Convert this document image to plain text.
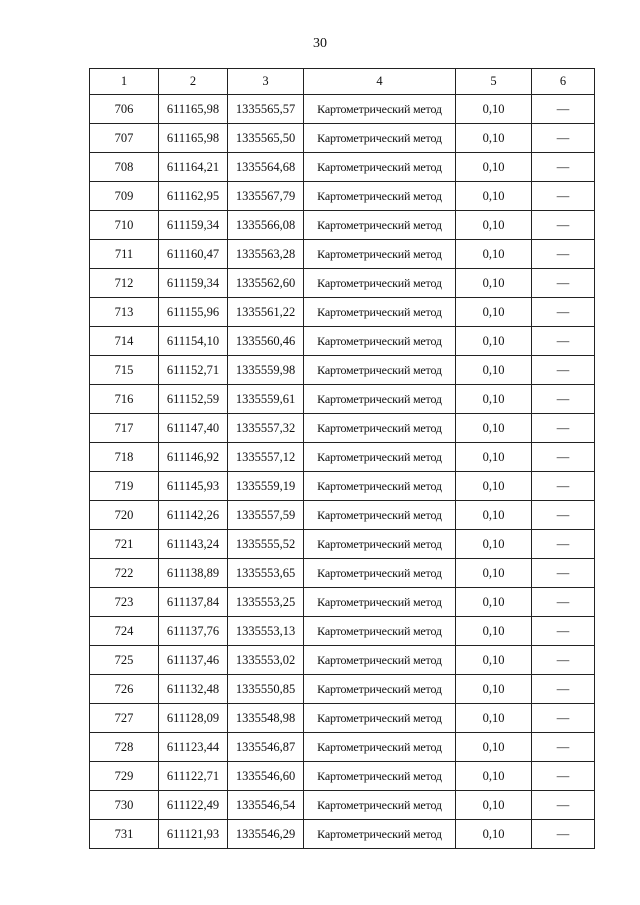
30
1	2	3	4	5	6
706	611165,98	1335565,57	Картометрический метод	0,10	—
707	611165,98	1335565,50	Картометрический метод	0,10	—
708	611164,21	1335564,68	Картометрический метод	0,10	—
709	611162,95	1335567,79	Картометрический метод	0,10	—
710	611159,34	1335566,08	Картометрический метод	0,10	—
711	611160,47	1335563,28	Картометрический метод	0,10	—
712	611159,34	1335562,60	Картометрический метод	0,10	—
713	611155,96	1335561,22	Картометрический метод	0,10	—
714	611154,10	1335560,46	Картометрический метод	0,10	—
715	611152,71	1335559,98	Картометрический метод	0,10	—
716	611152,59	1335559,61	Картометрический метод	0,10	—
717	611147,40	1335557,32	Картометрический метод	0,10	—
718	611146,92	1335557,12	Картометрический метод	0,10	—
719	611145,93	1335559,19	Картометрический метод	0,10	—
720	611142,26	1335557,59	Картометрический метод	0,10	—
721	611143,24	1335555,52	Картометрический метод	0,10	—
722	611138,89	1335553,65	Картометрический метод	0,10	—
723	611137,84	1335553,25	Картометрический метод	0,10	—
724	611137,76	1335553,13	Картометрический метод	0,10	—
725	611137,46	1335553,02	Картометрический метод	0,10	—
726	611132,48	1335550,85	Картометрический метод	0,10	—
727	611128,09	1335548,98	Картометрический метод	0,10	—
728	611123,44	1335546,87	Картометрический метод	0,10	—
729	611122,71	1335546,60	Картометрический метод	0,10	—
730	611122,49	1335546,54	Картометрический метод	0,10	—
731	611121,93	1335546,29	Картометрический метод	0,10	—
